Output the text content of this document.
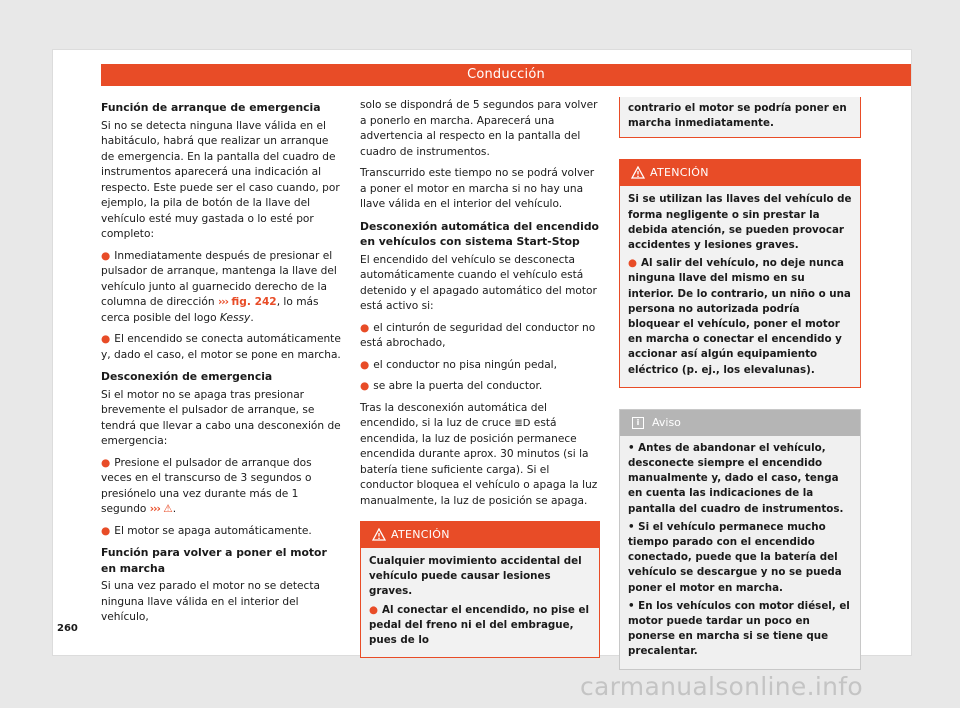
Conducción
Función de arranque de emergencia

Si no se detecta ninguna llave válida en el habitáculo, habrá que realizar un arranque de emergencia. En la pantalla del cuadro de instrumentos aparecerá una indicación al respecto. Este puede ser el caso cuando, por ejemplo, la pila de botón de la llave del vehículo esté muy gastada o lo esté por completo:

● Inmediatamente después de presionar el pulsador de arranque, mantenga la llave del vehículo junto al guarnecido derecho de la columna de dirección ››› fig. 242, lo más cerca posible del logo Kessy.

● El encendido se conecta automáticamente y, dado el caso, el motor se pone en marcha.

Desconexión de emergencia

Si el motor no se apaga tras presionar brevemente el pulsador de arranque, se tendrá que llevar a cabo una desconexión de emergencia:

● Presione el pulsador de arranque dos veces en el transcurso de 3 segundos o presiónelo una vez durante más de 1 segundo ››› ⚠.

● El motor se apaga automáticamente.

Función para volver a poner el motor en marcha

Si una vez parado el motor no se detecta ninguna llave válida en el interior del vehículo,

solo se dispondrá de 5 segundos para volver a ponerlo en marcha. Aparecerá una advertencia al respecto en la pantalla del cuadro de instrumentos.

Transcurrido este tiempo no se podrá volver a poner el motor en marcha si no hay una llave válida en el interior del vehículo.

Desconexión automática del encendido en vehículos con sistema Start-Stop

El encendido del vehículo se desconecta automáticamente cuando el vehículo está detenido y el apagado automático del motor está activo si:

● el cinturón de seguridad del conductor no está abrochado,

● el conductor no pisa ningún pedal,

● se abre la puerta del conductor.

Tras la desconexión automática del encendido, si la luz de cruce ≣D está encendida, la luz de posición permanece encendida durante aprox. 30 minutos (si la batería tiene suficiente carga). Si el conductor bloquea el vehículo o apaga la luz manualmente, la luz de posición se apaga.

ATENCIÓN

Cualquier movimiento accidental del vehículo puede causar lesiones graves.

● Al conectar el encendido, no pise el pedal del freno ni el del embrague, pues de lo

contrario el motor se podría poner en marcha inmediatamente.
ATENCIÓN

Si se utilizan las llaves del vehículo de forma negligente o sin prestar la debida atención, se pueden provocar accidentes y lesiones graves.

● Al salir del vehículo, no deje nunca ninguna llave del mismo en su interior. De lo contrario, un niño o una persona no autorizada podría bloquear el vehículo, poner el motor en marcha o conectar el encendido y accionar así algún equipamiento eléctrico (p. ej., los elevalunas).

i	Aviso

• Antes de abandonar el vehículo, desconecte siempre el encendido manualmente y, dado el caso, tenga en cuenta las indicaciones de la pantalla del cuadro de instrumentos.

• Si el vehículo permanece mucho tiempo parado con el encendido conectado, puede que la batería del vehículo se descargue y no se pueda poner el motor en marcha.

• En los vehículos con motor diésel, el motor puede tardar un poco en ponerse en marcha si se tiene que precalentar.

260
carmanualsonline.info
